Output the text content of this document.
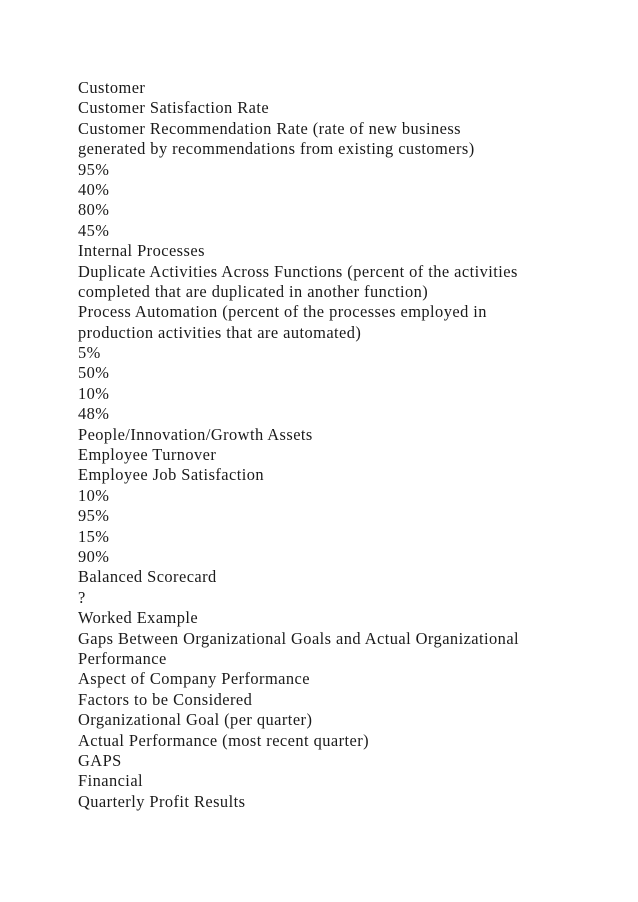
Customer
Customer Satisfaction Rate
Customer Recommendation Rate (rate of new business
generated by recommendations from existing customers)
95%
40%
80%
45%
Internal Processes
Duplicate Activities Across Functions (percent of the activities
completed that are duplicated in another function)
Process Automation (percent of the processes employed in
production activities that are automated)
5%
50%
10%
48%
People/Innovation/Growth Assets
Employee Turnover
Employee Job Satisfaction
10%
95%
15%
90%
Balanced Scorecard
?
Worked Example
Gaps Between Organizational Goals and Actual Organizational
Performance
Aspect of Company Performance
Factors to be Considered
Organizational Goal (per quarter)
Actual Performance (most recent quarter)
GAPS
Financial
Quarterly Profit Results
